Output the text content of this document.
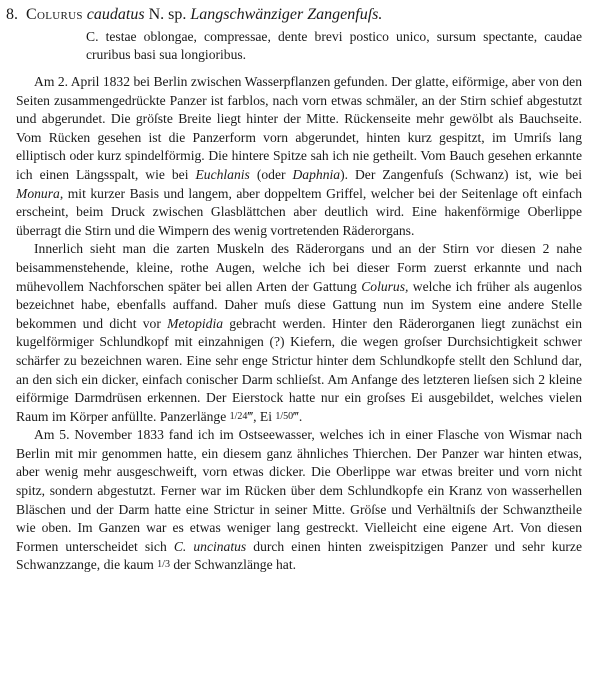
8. Colurus caudatus N. sp. Langschwänziger Zangenfuſs.
C. testae oblongae, compressae, dente brevi postico unico, sursum spectante, caudae cruribus basi sua longioribus.

Am 2. April 1832 bei Berlin zwischen Wasserpflanzen gefunden. Der glatte, eiförmige, aber von den Seiten zusammengedrückte Panzer ist farblos, nach vorn etwas schmäler, an der Stirn schief abgestutzt und abgerundet. Die gröſste Breite liegt hinter der Mitte. Rückenseite mehr gewölbt als Bauchseite. Vom Rücken gesehen ist die Panzerform vorn abgerundet, hinten kurz gespitzt, im Umriſs lang elliptisch oder kurz spindelförmig. Die hintere Spitze sah ich nie getheilt. Vom Bauch gesehen erkannte ich einen Längsspalt, wie bei Euchlanis (oder Daphnia). Der Zangenfuſs (Schwanz) ist, wie bei Monura, mit kurzer Basis und langem, aber doppeltem Griffel, welcher bei der Seitenlage oft einfach erscheint, beim Druck zwischen Glasblättchen aber deutlich wird. Eine hakenförmige Oberlippe überragt die Stirn und die Wimpern des wenig vortretenden Räderorgans.

Innerlich sieht man die zarten Muskeln des Räderorgans und an der Stirn vor diesen 2 nahe beisammenstehende, kleine, rothe Augen, welche ich bei dieser Form zuerst erkannte und nach mühevollem Nachforschen später bei allen Arten der Gattung Colurus, welche ich früher als augenlos bezeichnet habe, ebenfalls auffand. Daher muſs diese Gattung nun im System eine andere Stelle bekommen und dicht vor Metopidia gebracht werden. Hinter den Räderorganen liegt zunächst ein kugelförmiger Schlundkopf mit einzahnigen (?) Kiefern, die wegen groſser Durchsichtigkeit schwer schärfer zu bezeichnen waren. Eine sehr enge Strictur hinter dem Schlundkopfe stellt den Schlund dar, an den sich ein dicker, einfach conischer Darm schlieſst. Am Anfange des letzteren lieſsen sich 2 kleine eiförmige Darmdrüsen erkennen. Der Eierstock hatte nur ein groſses Ei ausgebildet, welches vielen Raum im Körper anfüllte. Panzerlänge 1/24‴, Ei 1/50‴.

Am 5. November 1833 fand ich im Ostseewasser, welches ich in einer Flasche von Wismar nach Berlin mit mir genommen hatte, ein diesem ganz ähnliches Thierchen. Der Panzer war hinten etwas, aber wenig mehr ausgeschweift, vorn etwas dicker. Die Oberlippe war etwas breiter und vorn nicht spitz, sondern abgestutzt. Ferner war im Rücken über dem Schlundkopfe ein Kranz von wasserhellen Bläschen und der Darm hatte eine Strictur in seiner Mitte. Gröſse und Verhältniſs der Schwanztheile wie oben. Im Ganzen war es etwas weniger lang gestreckt. Vielleicht eine eigene Art. Von diesen Formen unterscheidet sich C. uncinatus durch einen hinten zweispitzigen Panzer und sehr kurze Schwanzzange, die kaum 1/3 der Schwanzlänge hat.
